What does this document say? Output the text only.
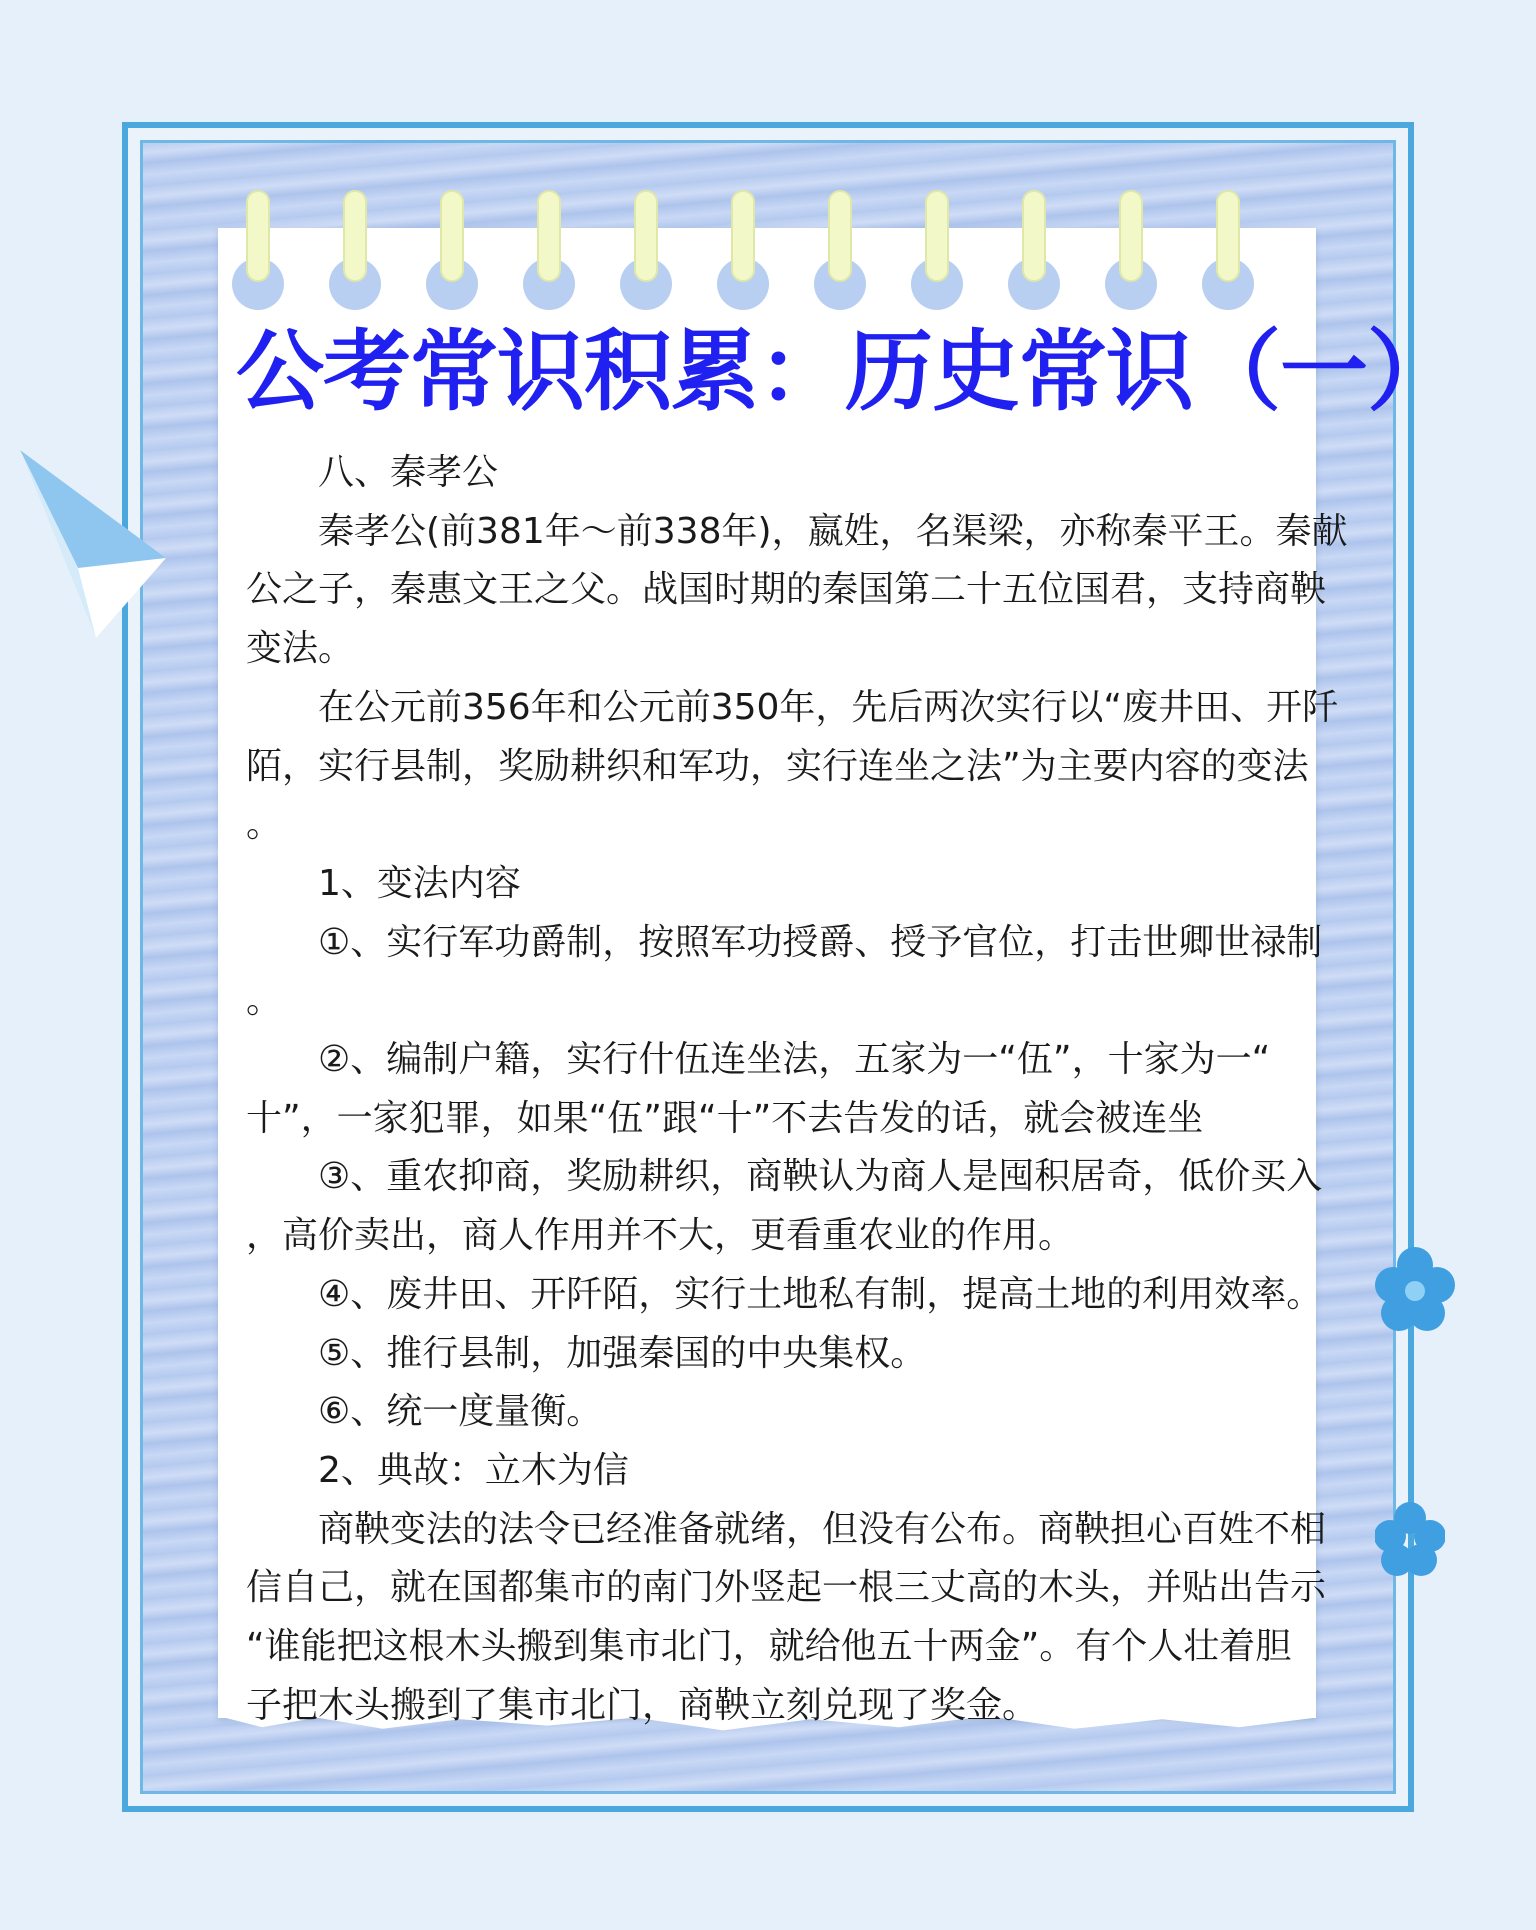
公考常识积累：历史常识（一）

八、秦孝公

秦孝公(前381年～前338年)，嬴姓，名渠梁，亦称秦平王。秦献

公之子，秦惠文王之父。战国时期的秦国第二十五位国君，支持商鞅

变法。

在公元前356年和公元前350年，先后两次实行以“废井田、开阡

陌，实行县制，奖励耕织和军功，实行连坐之法”为主要内容的变法

。

1、变法内容

①、实行军功爵制，按照军功授爵、授予官位，打击世卿世禄制

。

②、编制户籍，实行什伍连坐法，五家为一“伍”，十家为一“

十”，一家犯罪，如果“伍”跟“十”不去告发的话，就会被连坐

③、重农抑商，奖励耕织，商鞅认为商人是囤积居奇，低价买入

，高价卖出，商人作用并不大，更看重农业的作用。

④、废井田、开阡陌，实行土地私有制，提高土地的利用效率。

⑤、推行县制，加强秦国的中央集权。

⑥、统一度量衡。

2、典故：立木为信

商鞅变法的法令已经准备就绪，但没有公布。商鞅担心百姓不相

信自己，就在国都集市的南门外竖起一根三丈高的木头，并贴出告示

“谁能把这根木头搬到集市北门，就给他五十两金”。有个人壮着胆

子把木头搬到了集市北门，商鞅立刻兑现了奖金。
